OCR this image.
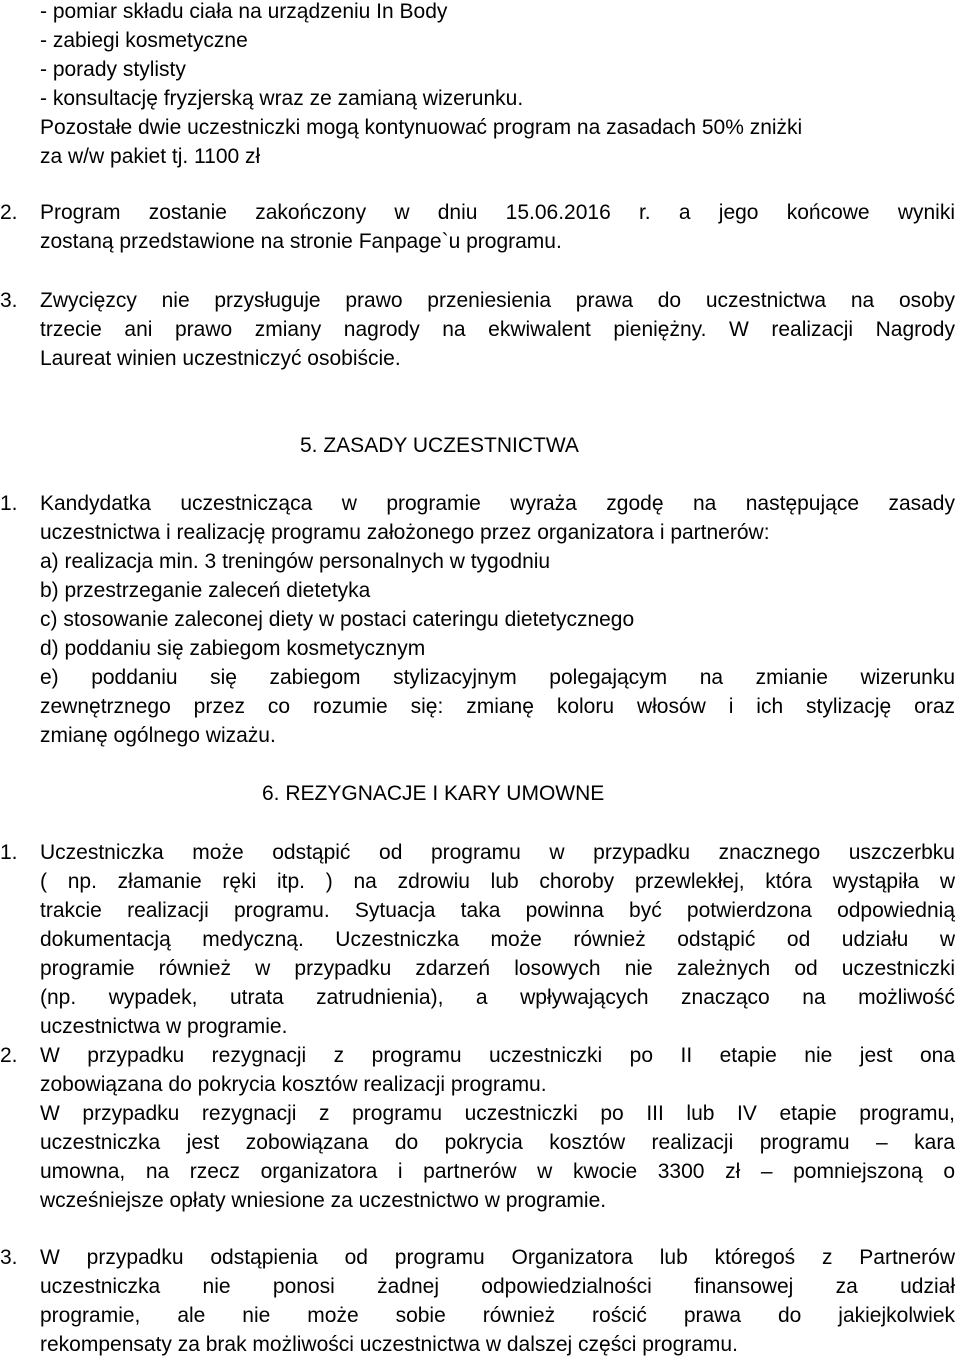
- pomiar składu ciała na urządzeniu In Body
- zabiegi kosmetyczne
- porady stylisty
- konsultację fryzjerską wraz ze zamianą wizerunku.
Pozostałe dwie uczestniczki mogą kontynuować program na zasadach 50% zniżki
za w/w pakiet tj. 1100 zł
2.	Program zostanie zakończony w dniu 15.06.2016 r. a jego końcowe wyniki
zostaną przedstawione na stronie Fanpage`u programu.
3.	Zwycięzcy nie przysługuje prawo przeniesienia prawa do uczestnictwa na osoby
trzecie ani prawo zmiany nagrody na ekwiwalent pieniężny. W realizacji Nagrody
Laureat winien uczestniczyć osobiście.
5. ZASADY UCZESTNICTWA
1.	Kandydatka uczestnicząca w programie wyraża zgodę na następujące zasady
uczestnictwa i realizację programu założonego przez organizatora i partnerów:
a) realizacja min. 3 treningów personalnych w tygodniu
b) przestrzeganie zaleceń dietetyka
c) stosowanie zaleconej diety w postaci cateringu dietetycznego
d) poddaniu się zabiegom kosmetycznym
e) poddaniu się zabiegom stylizacyjnym polegającym na zmianie wizerunku
zewnętrznego przez co rozumie się: zmianę koloru włosów i ich stylizację oraz
zmianę ogólnego wizażu.
6. REZYGNACJE I KARY UMOWNE
1.	Uczestniczka może odstąpić od programu w przypadku znacznego uszczerbku
( np. złamanie ręki itp. ) na zdrowiu lub choroby przewlekłej, która wystąpiła w
trakcie realizacji programu. Sytuacja taka powinna być potwierdzona odpowiednią
dokumentacją medyczną. Uczestniczka może również odstąpić od udziału w
programie również w przypadku zdarzeń losowych nie zależnych od uczestniczki
(np. wypadek, utrata zatrudnienia), a wpływających znacząco na możliwość
uczestnictwa w programie.
2.	W przypadku rezygnacji z programu uczestniczki po II etapie nie jest ona
zobowiązana do pokrycia kosztów realizacji programu.
W przypadku rezygnacji z programu uczestniczki po III lub IV etapie programu,
uczestniczka jest zobowiązana do pokrycia kosztów realizacji programu – kara
umowna, na rzecz organizatora i partnerów w kwocie 3300 zł – pomniejszoną o
wcześniejsze opłaty wniesione za uczestnictwo w programie.
3.	W przypadku odstąpienia od programu Organizatora lub któregoś z Partnerów
uczestniczka nie ponosi żadnej odpowiedzialności finansowej za udział
programie, ale nie może sobie również rościć prawa do jakiejkolwiek
rekompensaty za brak możliwości uczestnictwa w dalszej części programu.
